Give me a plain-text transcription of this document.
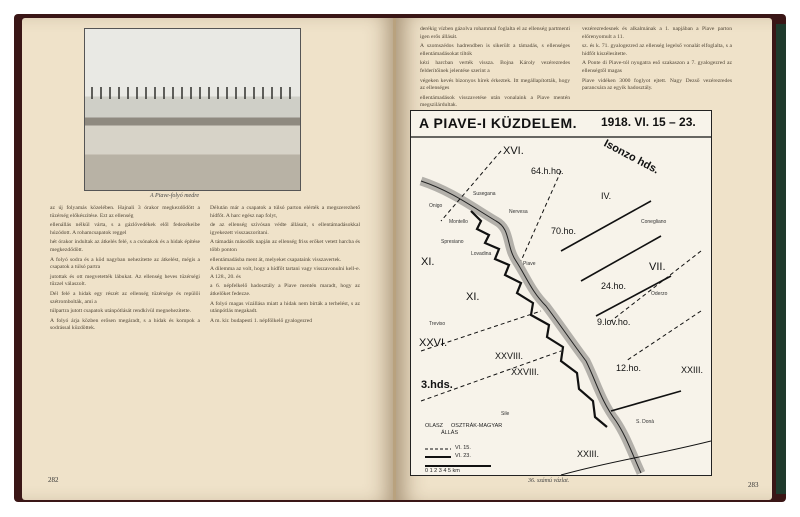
A Piave-folyó medre

az új folyamás közelében. Hajnali 3 órakor megkezdődött a tüzérség előkészítése. Ezt az ellenség

ellenállás nélkül várta, s a gázlövedékek elől fedezékeibe húzódott. A rohamcsapatok reggel

hét órakor indultak az átkelés felé, s a csónakok és a hidak építése megkezdődött.

A folyó sodra és a köd nagyban nehezítette az átkelést, mégis a csapatok a túlsó partra

jutottak és ott megvetették lábukat. Az ellenség heves tüzérségi tűzzel válaszolt.

Dél felé a hidak egy részét az ellenség tüzérsége és repülői szétrombolták, ami a

túlpartra jutott csapatok utánpótlását rendkívül megnehezítette.

A folyó árja közben erősen megáradt, s a hidak és kompok a sodrással küzdöttek.

Délután már a csapatok a túlsó parton elérték a megszerezhető hídfőt. A harc egész nap folyt,

de az ellenség szívósan védte állásait, s ellentámadásokkal igyekezett visszaszorítani.

A támadás második napján az ellenség friss erőket vetett harcba és több ponton

ellentámadásba ment át, melyeket csapataink visszavertek.

A dilemma az volt, hogy a hídfőt tartani vagy visszavonulni kell-e. A 128., 20. és

a 6. népfelkelő hadosztály a Piave mentén maradt, hogy az átkelőket fedezze.

A folyó magas vízállása miatt a hidak nem bírták a terhelést, s az utánpótlás megakadt.

A m. kir. budapesti 1. népfölkelő gyalogezred

282

derékig vízben gázolva rohammal foglalta el az ellenség partmenti igen erős állását.

A szomszédos hadrendben is sikerült a támadás, s ellenséges ellentámadásokat tiltók

kézi harcban verték vissza. Bojna Károly vezérezredes felderítőinek jelentése szerint a

végeken kevés bizonyos hírek érkeztek. Itt megállapították, hogy az ellenséges

ellentámadások visszavetése után vonalaink a Piave mentén megszilárdultak.

vezérezredesnek és alkalmának a 1. napjában a Piave parton előrenyomult a 11.

sz. és k. 71. gyalogezred az ellenség legelső vonalát elfoglalta, s a hídfőt kiszélesítette.

A Ponte di Piave-tól nyugatra eső szakaszon a 7. gyalogezred az ellenségtől magas

Piave vidéken 3000 foglyot ejtett. Nagy Dezső vezérezredes parancsára az egyik hadosztály.

A PIAVE-I KÜZDELEM. 1918. VI. 15 – 23.
XVI.
64.h.ho.
IV.
Isonzo hds.
70.ho.
XI.
XI.
VII.
24.ho.
9.lov.ho.
XXVI.
XXVIII.
XXVIII.	12.ho.	XXIII.
XXIII.
3.hds.
Susegana
Onigo
Lovadina
Spresiano
Nervesa
Conegliano
S. Donà
Treviso
Montello
Oderzo
Piave
Sile
OLASZ OSZTRÁK-MAGYAR
ÁLLÁS
VI. 15.
VI. 23.
0 1 2 3 4 5 km
36. számú vázlat.	283
